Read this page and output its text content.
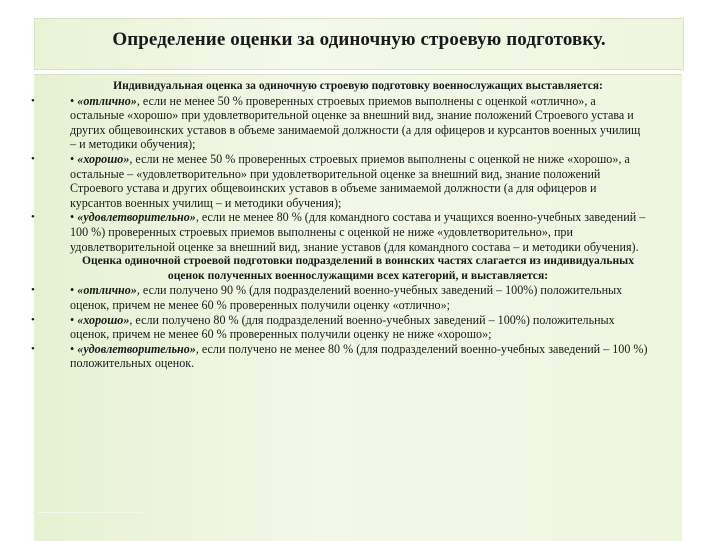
Определение оценки за одиночную строевую подготовку.
Индивидуальная оценка за одиночную строевую подготовку военнослужащих выставляется:
•	• «отлично», если не менее 50 % проверенных строевых приемов выполнены с оценкой «отлично», а остальные «хорошо» при удовлетворительной оценке за внешний вид, знание положений Строевого устава и других общевоинских уставов в объеме занимаемой должности (а для офицеров и курсантов военных училищ – и методики обучения);
•	• «хорошо», если не менее 50 % проверенных строевых приемов выполнены с оценкой не ниже «хорошо», а остальные – «удовлетворительно» при удовлетворительной оценке за внешний вид, знание положений Строевого устава и других общевоинских уставов в объеме занимаемой должности (а для офицеров и курсантов военных училищ – и методики обучения);
•	• «удовлетворительно», если не менее 80 % (для командного состава и учащихся военно-учебных заведений – 100 %) проверенных строевых приемов выполнены с оценкой не ниже «удовлетворительно», при удовлетворительной оценке за внешний вид, знание уставов (для командного состава – и методики обучения).
Оценка одиночной строевой подготовки подразделений в воинских частях слагается из индивидуальных оценок полученных военнослужащими всех категорий, и выставляется:
•	• «отлично», если получено 90 % (для подразделений военно-учебных заведений – 100%) положительных оценок, причем не менее 60 % проверенных получили оценку «отлично»;
•	• «хорошо», если получено 80 % (для подразделений военно-учебных заведений – 100%) положительных оценок, причем не менее 60 % проверенных получили оценку не ниже «хорошо»;
•	• «удовлетворительно», если получено не менее 80 % (для подразделений военно-учебных заведений – 100 %) положительных оценок.
